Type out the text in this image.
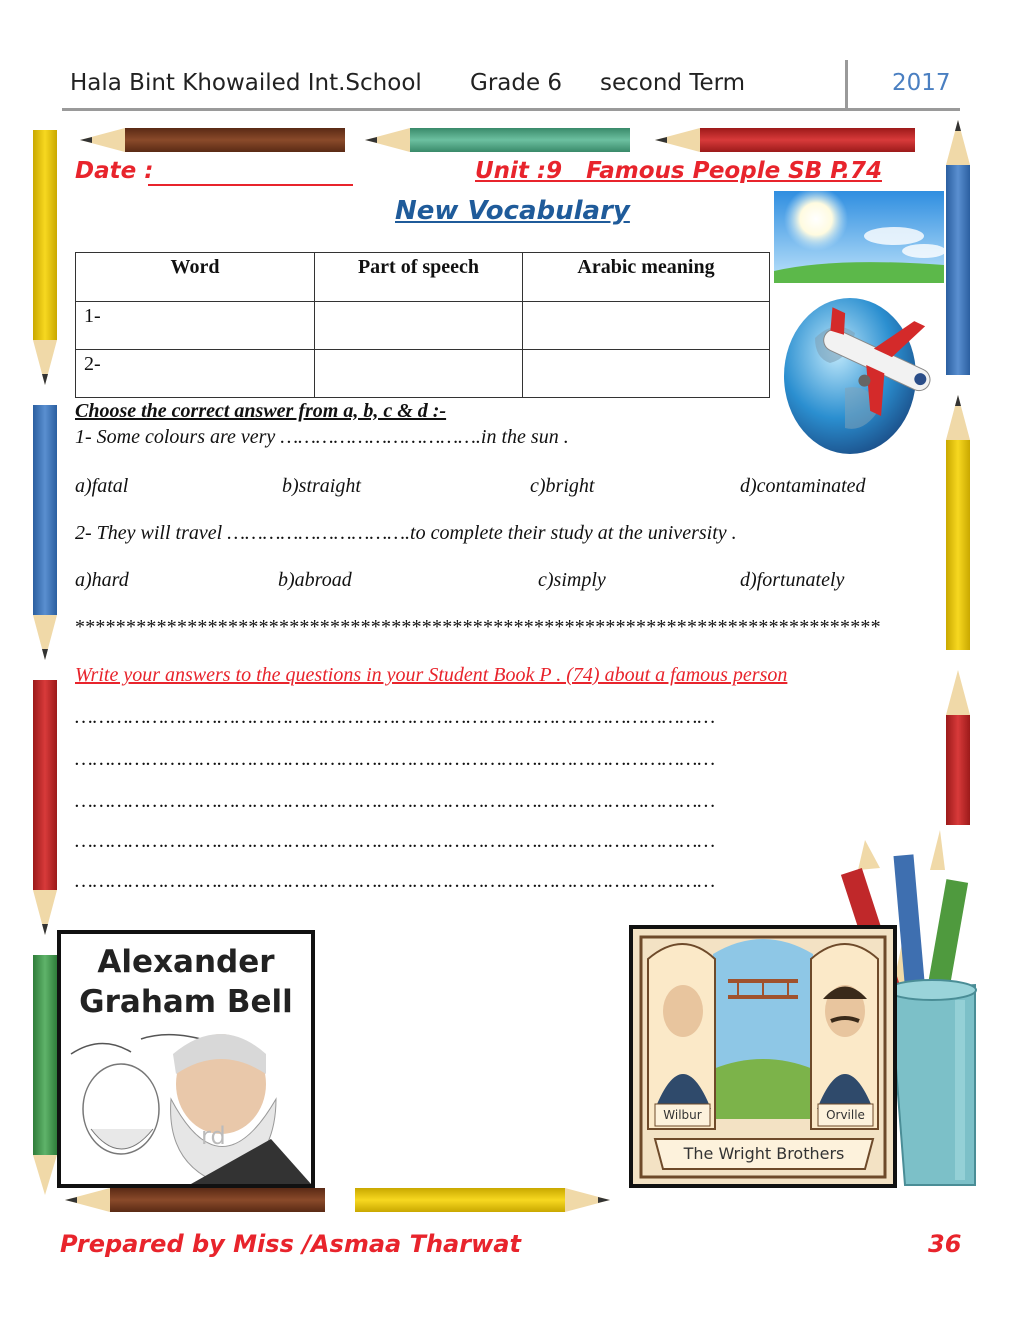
Hala Bint Khowailed Int.School Grade 6 second Term	2017
Date :	Unit :9   Famous People SB P.74
New Vocabulary
Word	Part of speech	Arabic meaning
1-		
2-		
Choose the correct answer from a, b, c & d :-
1- Some colours are very …………………………….in the sun .
a)fatal	b)straight	c)bright	d)contaminated
2- They will travel ………………………….to complete their study at the university .
a)hard	b)abroad	c)simply	d)fortunately
*******************************************************************************
Write your answers to the questions in your Student Book P . (74) about a famous person
………………………………………………………………………………………………
………………………………………………………………………………………………
………………………………………………………………………………………………
………………………………………………………………………………………………
………………………………………………………………………………………………
Alexander
Graham Bell
rd
Wilbur	Orville
The Wright Brothers
Prepared by Miss /Asmaa Tharwat	36
